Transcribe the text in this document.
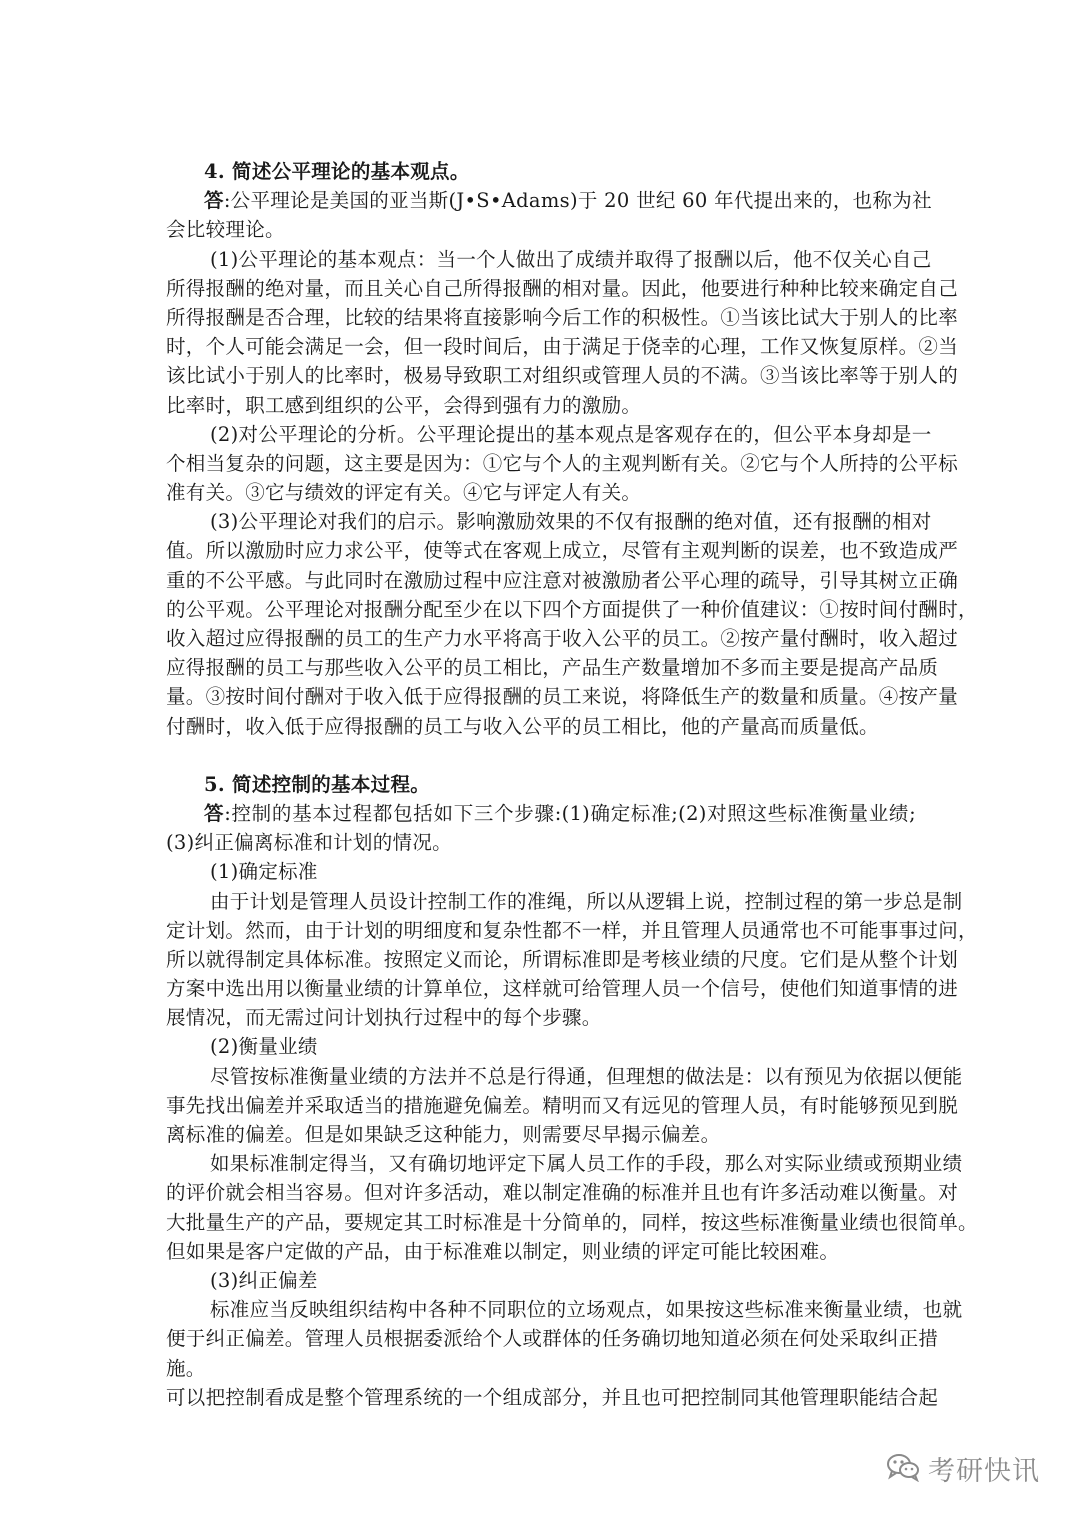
4. 简述公平理论的基本观点。
答:公平理论是美国的亚当斯(J•S•Adams)于 20 世纪 60 年代提出来的，也称为社
会比较理论。
(1)公平理论的基本观点：当一个人做出了成绩并取得了报酬以后，他不仅关心自己
所得报酬的绝对量，而且关心自己所得报酬的相对量。因此，他要进行种种比较来确定自己
所得报酬是否合理，比较的结果将直接影响今后工作的积极性。①当该比试大于别人的比率
时，个人可能会满足一会，但一段时间后，由于满足于侥幸的心理，工作又恢复原样。②当
该比试小于别人的比率时，极易导致职工对组织或管理人员的不满。③当该比率等于别人的
比率时，职工感到组织的公平，会得到强有力的激励。
(2)对公平理论的分析。公平理论提出的基本观点是客观存在的，但公平本身却是一
个相当复杂的问题，这主要是因为：①它与个人的主观判断有关。②它与个人所持的公平标
准有关。③它与绩效的评定有关。④它与评定人有关。
(3)公平理论对我们的启示。影响激励效果的不仅有报酬的绝对值，还有报酬的相对
值。所以激励时应力求公平，使等式在客观上成立，尽管有主观判断的误差，也不致造成严
重的不公平感。与此同时在激励过程中应注意对被激励者公平心理的疏导，引导其树立正确
的公平观。公平理论对报酬分配至少在以下四个方面提供了一种价值建议：①按时间付酬时，
收入超过应得报酬的员工的生产力水平将高于收入公平的员工。②按产量付酬时，收入超过
应得报酬的员工与那些收入公平的员工相比，产品生产数量增加不多而主要是提高产品质
量。③按时间付酬对于收入低于应得报酬的员工来说，将降低生产的数量和质量。④按产量
付酬时，收入低于应得报酬的员工与收入公平的员工相比，他的产量高而质量低。
5. 简述控制的基本过程。
答:控制的基本过程都包括如下三个步骤:(1)确定标准;(2)对照这些标准衡量业绩;
(3)纠正偏离标准和计划的情况。
(1)确定标准
由于计划是管理人员设计控制工作的准绳，所以从逻辑上说，控制过程的第一步总是制
定计划。然而，由于计划的明细度和复杂性都不一样，并且管理人员通常也不可能事事过问，
所以就得制定具体标准。按照定义而论，所谓标准即是考核业绩的尺度。它们是从整个计划
方案中选出用以衡量业绩的计算单位，这样就可给管理人员一个信号，使他们知道事情的进
展情况，而无需过问计划执行过程中的每个步骤。
(2)衡量业绩
尽管按标准衡量业绩的方法并不总是行得通，但理想的做法是：以有预见为依据以便能
事先找出偏差并采取适当的措施避免偏差。精明而又有远见的管理人员，有时能够预见到脱
离标准的偏差。但是如果缺乏这种能力，则需要尽早揭示偏差。
如果标准制定得当，又有确切地评定下属人员工作的手段，那么对实际业绩或预期业绩
的评价就会相当容易。但对许多活动，难以制定准确的标准并且也有许多活动难以衡量。对
大批量生产的产品，要规定其工时标准是十分简单的，同样，按这些标准衡量业绩也很简单。
但如果是客户定做的产品，由于标准难以制定，则业绩的评定可能比较困难。
(3)纠正偏差
标准应当反映组织结构中各种不同职位的立场观点，如果按这些标准来衡量业绩，也就
便于纠正偏差。管理人员根据委派给个人或群体的任务确切地知道必须在何处采取纠正措
施。
可以把控制看成是整个管理系统的一个组成部分，并且也可把控制同其他管理职能结合起
考研快讯
